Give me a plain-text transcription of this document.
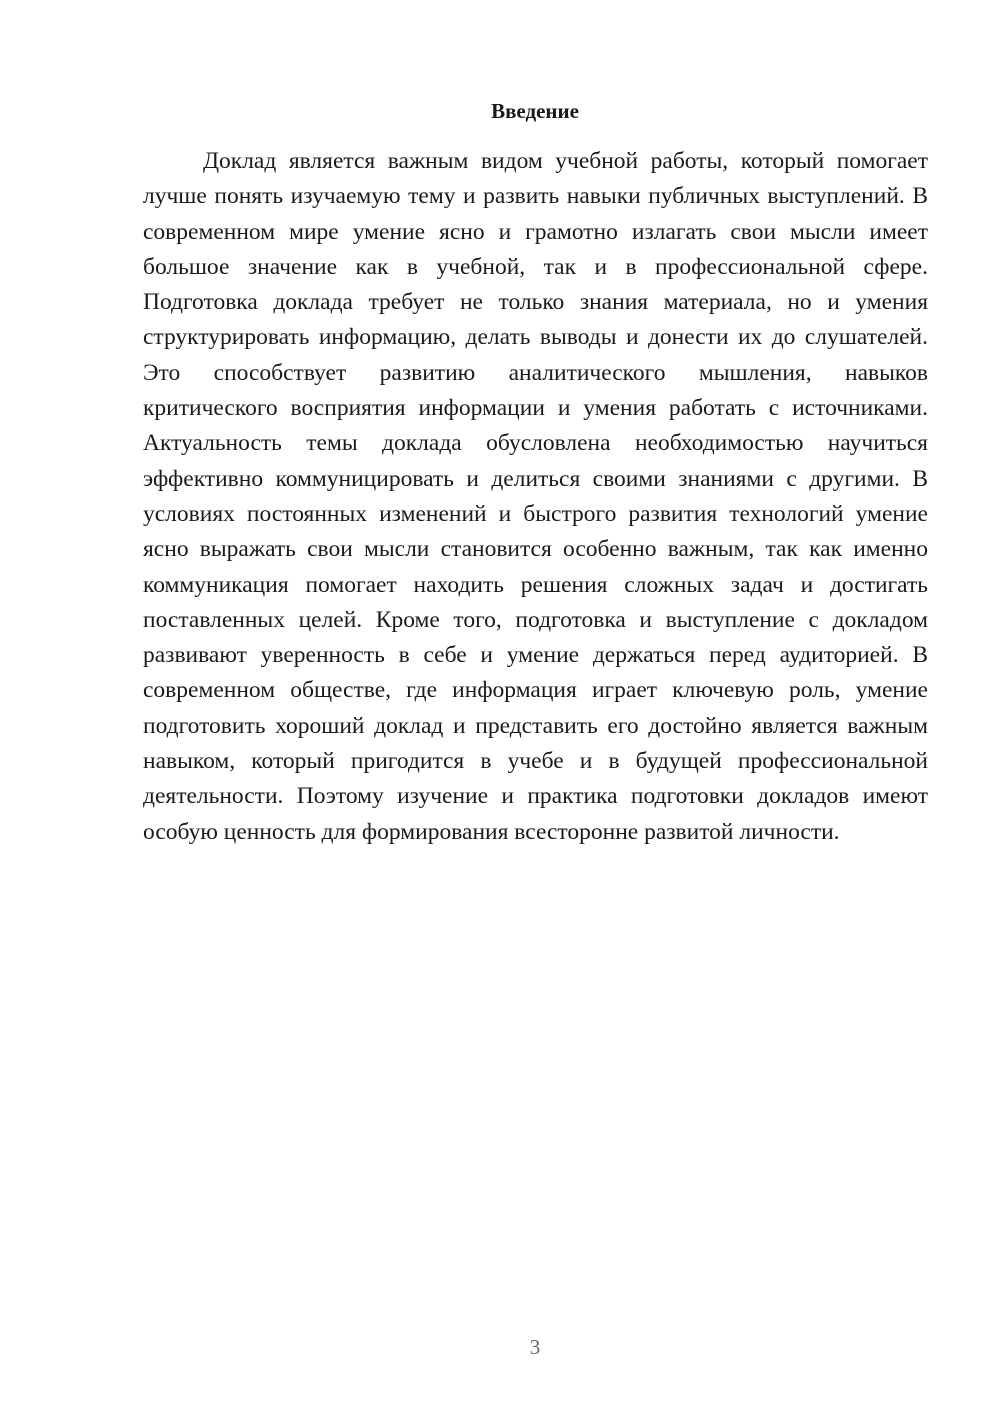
Введение

Доклад является важным видом учебной работы, который помогает лучше понять изучаемую тему и развить навыки публичных выступлений. В современном мире умение ясно и грамотно излагать свои мысли имеет большое значение как в учебной, так и в профессиональной сфере. Подготовка доклада требует не только знания материала, но и умения структурировать информацию, делать выводы и донести их до слушателей. Это способствует развитию аналитического мышления, навыков критического восприятия информации и умения работать с источниками. Актуальность темы доклада обусловлена необходимостью научиться эффективно коммуницировать и делиться своими знаниями с другими. В условиях постоянных изменений и быстрого развития технологий умение ясно выражать свои мысли становится особенно важным, так как именно коммуникация помогает находить решения сложных задач и достигать поставленных целей. Кроме того, подготовка и выступление с докладом развивают уверенность в себе и умение держаться перед аудиторией. В современном обществе, где информация играет ключевую роль, умение подготовить хороший доклад и представить его достойно является важным навыком, который пригодится в учебе и в будущей профессиональной деятельности. Поэтому изучение и практика подготовки докладов имеют особую ценность для формирования всесторонне развитой личности.

3
